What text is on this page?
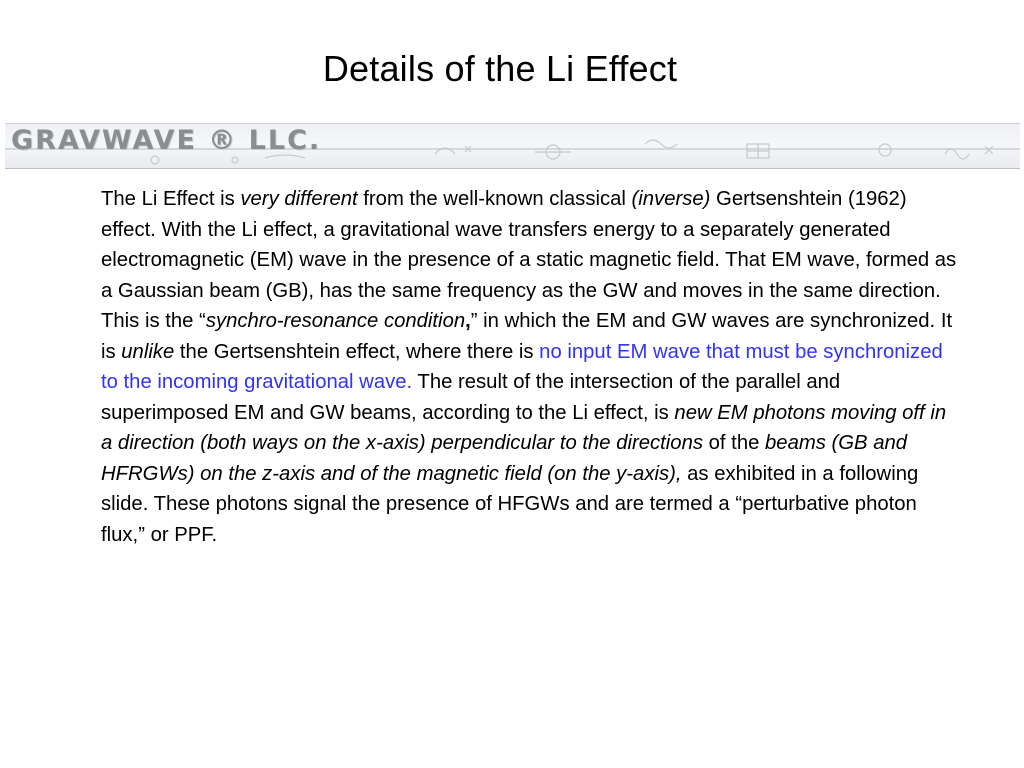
Details of the Li Effect
GRAVWAVE ® LLC.

The Li Effect is very different from the well-known classical (inverse) Gertsenshtein (1962) effect. With the Li effect, a gravitational wave transfers energy to a separately generated electromagnetic (EM) wave in the presence of a static magnetic field. That EM wave, formed as a Gaussian beam (GB), has the same frequency as the GW and moves in the same direction. This is the “synchro-resonance condition,” in which the EM and GW waves are synchronized. It is unlike the Gertsenshtein effect, where there is no input EM wave that must be synchronized to the incoming gravitational wave. The result of the intersection of the parallel and superimposed EM and GW beams, according to the Li effect, is new EM photons moving off in a direction (both ways on the x-axis) perpendicular to the directions of the beams (GB and HFRGWs) on the z-axis and of the magnetic field (on the y-axis), as exhibited in a following slide. These photons signal the presence of HFGWs and are termed a “perturbative photon flux,” or PPF.
